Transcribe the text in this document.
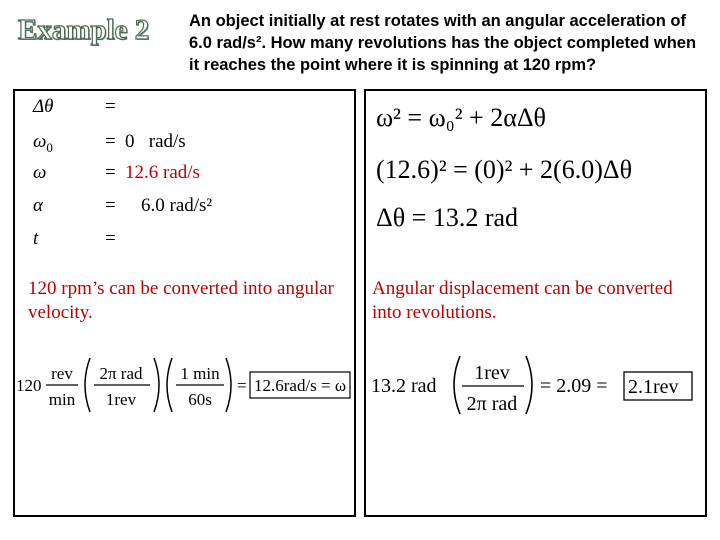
Example 2 An object initially at rest rotates with an angular acceleration of 6.0 rad/s². How many revolutions has the object completed when it reaches the point where it is spinning at 120 rpm?
Δθ	=
$\omega_0$	= 0   rad/s
ω	= 12.6 rad/s
α	= 6.0 rad/s²
t	=
ω² = ω₀² + 2αΔθ
(12.6)² = (0)² + 2(6.0)Δθ
Δθ = 13.2 rad
120 rpm’s can be converted into angular velocity.
Angular displacement can be converted into revolutions.
120
rev
min
2π rad
1rev
1 min
60s
= 12.6rad/s = ω 13.2 rad
1rev
2π rad
= 2.09 = 2.1rev
